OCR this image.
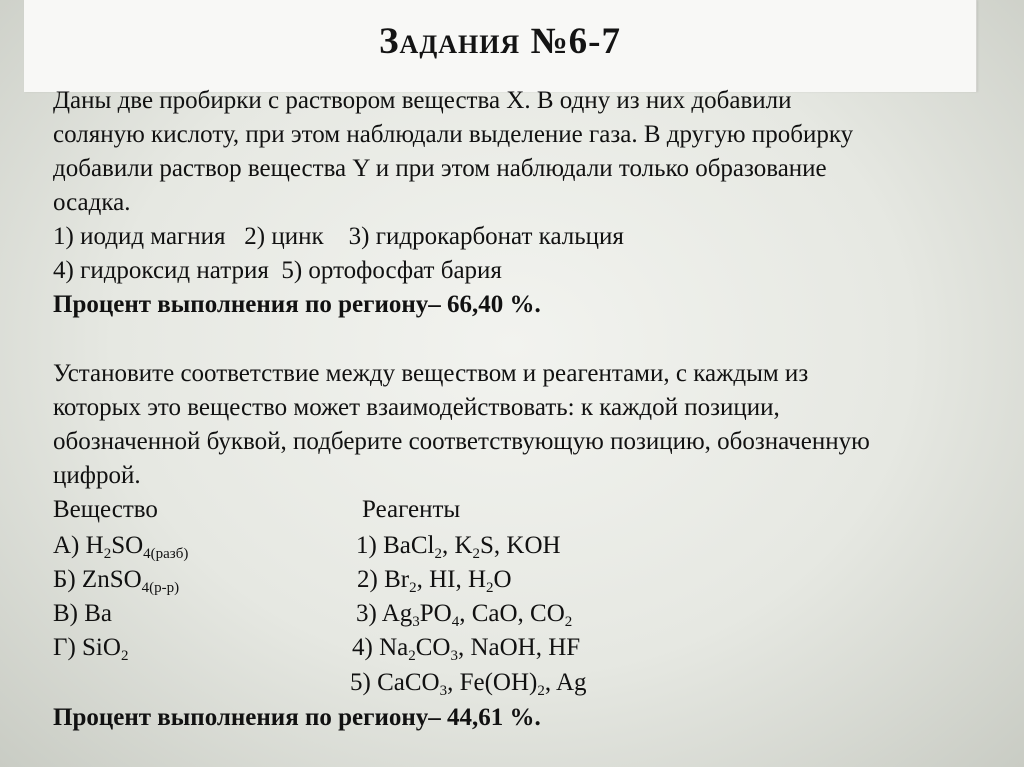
Задания №6-7
Даны две пробирки с раствором вещества X. В одну из них добавили
соляную кислоту, при этом наблюдали выделение газа. В другую пробирку
добавили раствор вещества Y и при этом наблюдали только образование
осадка.
1) иодид магния   2) цинк    3) гидрокарбонат кальция
4) гидроксид натрия  5) ортофосфат бария
Процент выполнения по региону– 66,40 %.
Установите соответствие между веществом и реагентами, с каждым из
которых это вещество может взаимодействовать: к каждой позиции,
обозначенной буквой, подберите соответствующую позицию, обозначенную
цифрой.
Вещество	Реагенты
А) $H_2SO_{4(разб)}$
Б) ZnSO$_{4(р-р)}$
В) Ba
Г) SiO$_2$
1) BaCl$_2$, $K_2S$, KOH
2) $Br_2$, HI, $H_2O$
3) $Ag_3PO_4$, CaO, $CO_2$
4) $Na_2CO_3$, NaOH, HF
5) CaCO$_3$, $Fe(OH)_2$, Ag
Процент выполнения по региону– 44,61 %.
